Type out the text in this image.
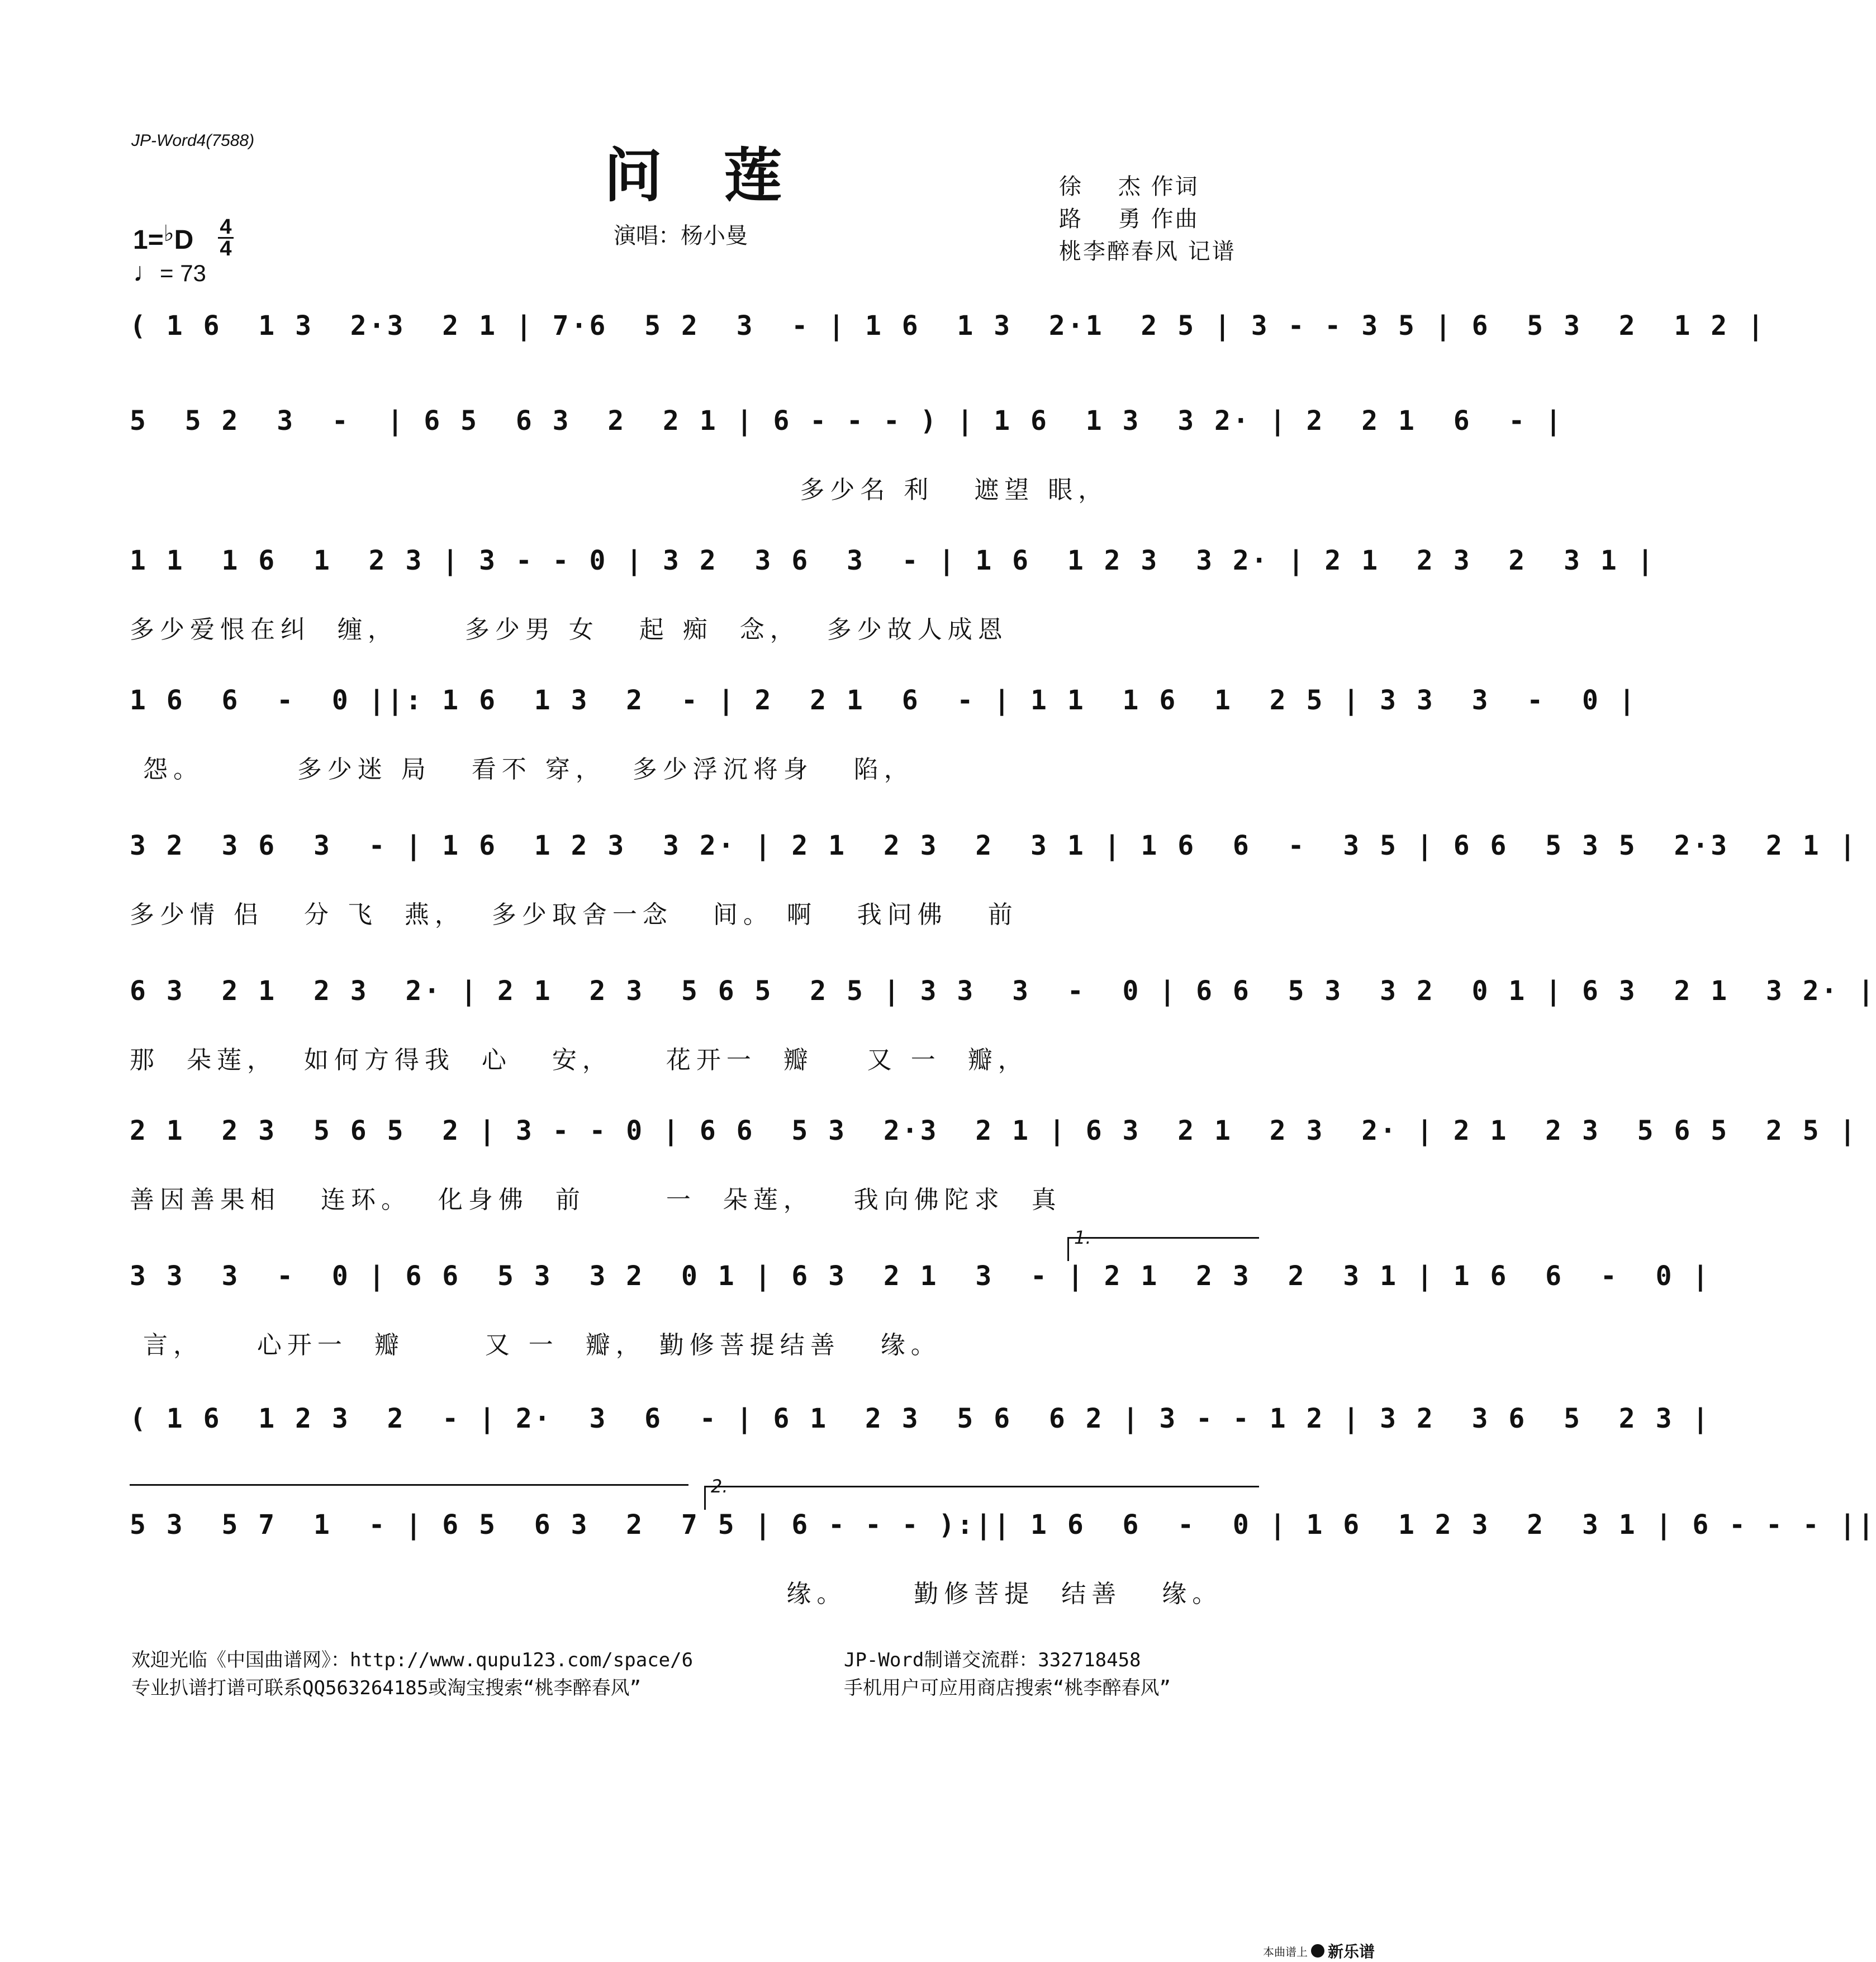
JP-Word4(7588)
问莲
1=♭D 4
4
♩= 73
演唱：杨小曼
徐    杰 作词
路    勇 作曲
桃李醉春风 记谱
( 1 6  1 3  2·3  2 1 | 7·6  5 2  3  - | 1 6  1 3  2·1  2 5 | 3 - - 3 5 | 6  5 3  2  1 2 |
5  5 2  3  -  | 6 5  6 3  2  2 1 | 6 - - - ) | 1 6  1 3  3 2· | 2  2 1  6  - |
多少名 利   遮望 眼，
1 1  1 6  1  2 3 | 3 - - 0 | 3 2  3 6  3  - | 1 6  1 2 3  3 2· | 2 1  2 3  2  3 1 |
多少爱恨在纠  缠，     多少男 女   起 痴  念，  多少故人成恩
1 6  6  -  0 ||: 1 6  1 3  2  - | 2  2 1  6  - | 1 1  1 6  1  2 5 | 3 3  3  -  0 |
怨。       多少迷 局   看不 穿，  多少浮沉将身   陷，
3 2  3 6  3  - | 1 6  1 2 3  3 2· | 2 1  2 3  2  3 1 | 1 6  6  -  3 5 | 6 6  5 3 5  2·3  2 1 |
多少情 侣   分 飞  燕，  多少取舍一念   间。 啊   我问佛   前
6 3  2 1  2 3  2· | 2 1  2 3  5 6 5  2 5 | 3 3  3  -  0 | 6 6  5 3  3 2  0 1 | 6 3  2 1  3 2· |
那  朵莲，  如何方得我  心   安，    花开一  瓣    又 一  瓣，
2 1  2 3  5 6 5  2 | 3 - - 0 | 6 6  5 3  2·3  2 1 | 6 3  2 1  2 3  2· | 2 1  2 3  5 6 5  2 5 |
善因善果相   连环。  化身佛  前      一  朵莲，   我向佛陀求  真
1.
3 3  3  -  0 | 6 6  5 3  3 2  0 1 | 6 3  2 1  3  - | 2 1  2 3  2  3 1 | 1 6  6  -  0 |
言，    心开一  瓣      又 一  瓣， 勤修菩提结善   缘。
( 1 6  1 2 3  2  - | 2·  3  6  - | 6 1  2 3  5 6  6 2 | 3 - - 1 2 | 3 2  3 6  5  2 3 |
2.
5 3  5 7  1  - | 6 5  6 3  2  7 5 | 6 - - - ):|| 1 6  6  -  0 | 1 6  1 2 3  2  3 1 | 6 - - - ||
缘。     勤修菩提  结善   缘。
欢迎光临《中国曲谱网》：http://www.qupu123.com/space/6
专业扒谱打谱可联系QQ563264185或淘宝搜索“桃李醉春风”
JP-Word制谱交流群：332718458
手机用户可应用商店搜索“桃李醉春风”
本曲谱上 新乐谱
